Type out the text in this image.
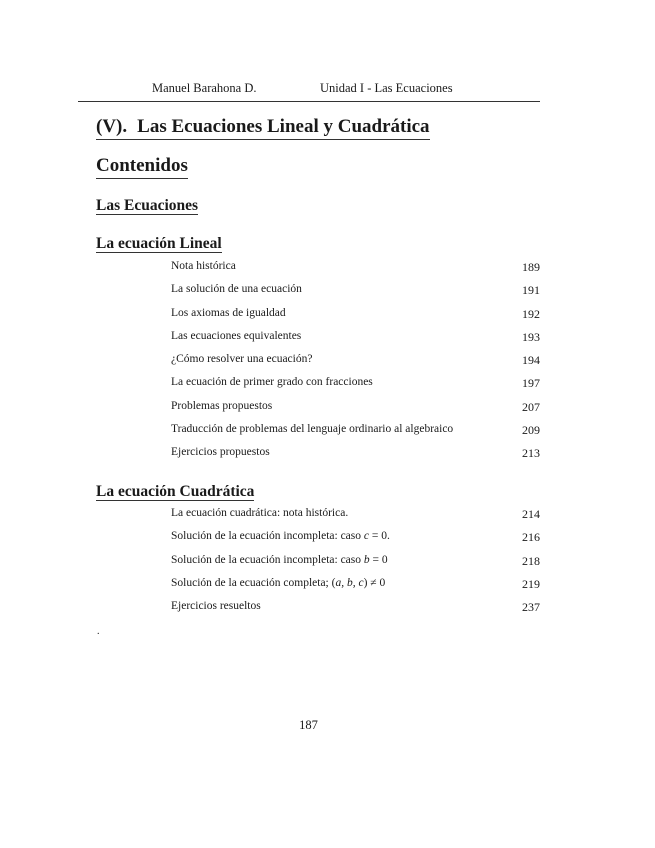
Manuel Barahona D.	Unidad I - Las Ecuaciones
(V). Las Ecuaciones Lineal y Cuadrática
Contenidos
Las Ecuaciones
La ecuación Lineal
Nota histórica	189
La solución de una ecuación	191
Los axiomas de igualdad	192
Las ecuaciones equivalentes	193
¿Cómo resolver una ecuación?	194
La ecuación de primer grado con fracciones	197
Problemas propuestos	207
Traducción de problemas del lenguaje ordinario al algebraico	209
Ejercicios propuestos	213
La ecuación Cuadrática
La ecuación cuadrática: nota histórica.	214
Solución de la ecuación incompleta: caso c = 0.	216
Solución de la ecuación incompleta: caso b = 0	218
Solución de la ecuación completa; (a, b, c) ≠ 0	219
Ejercicios resueltos	237
.
187
